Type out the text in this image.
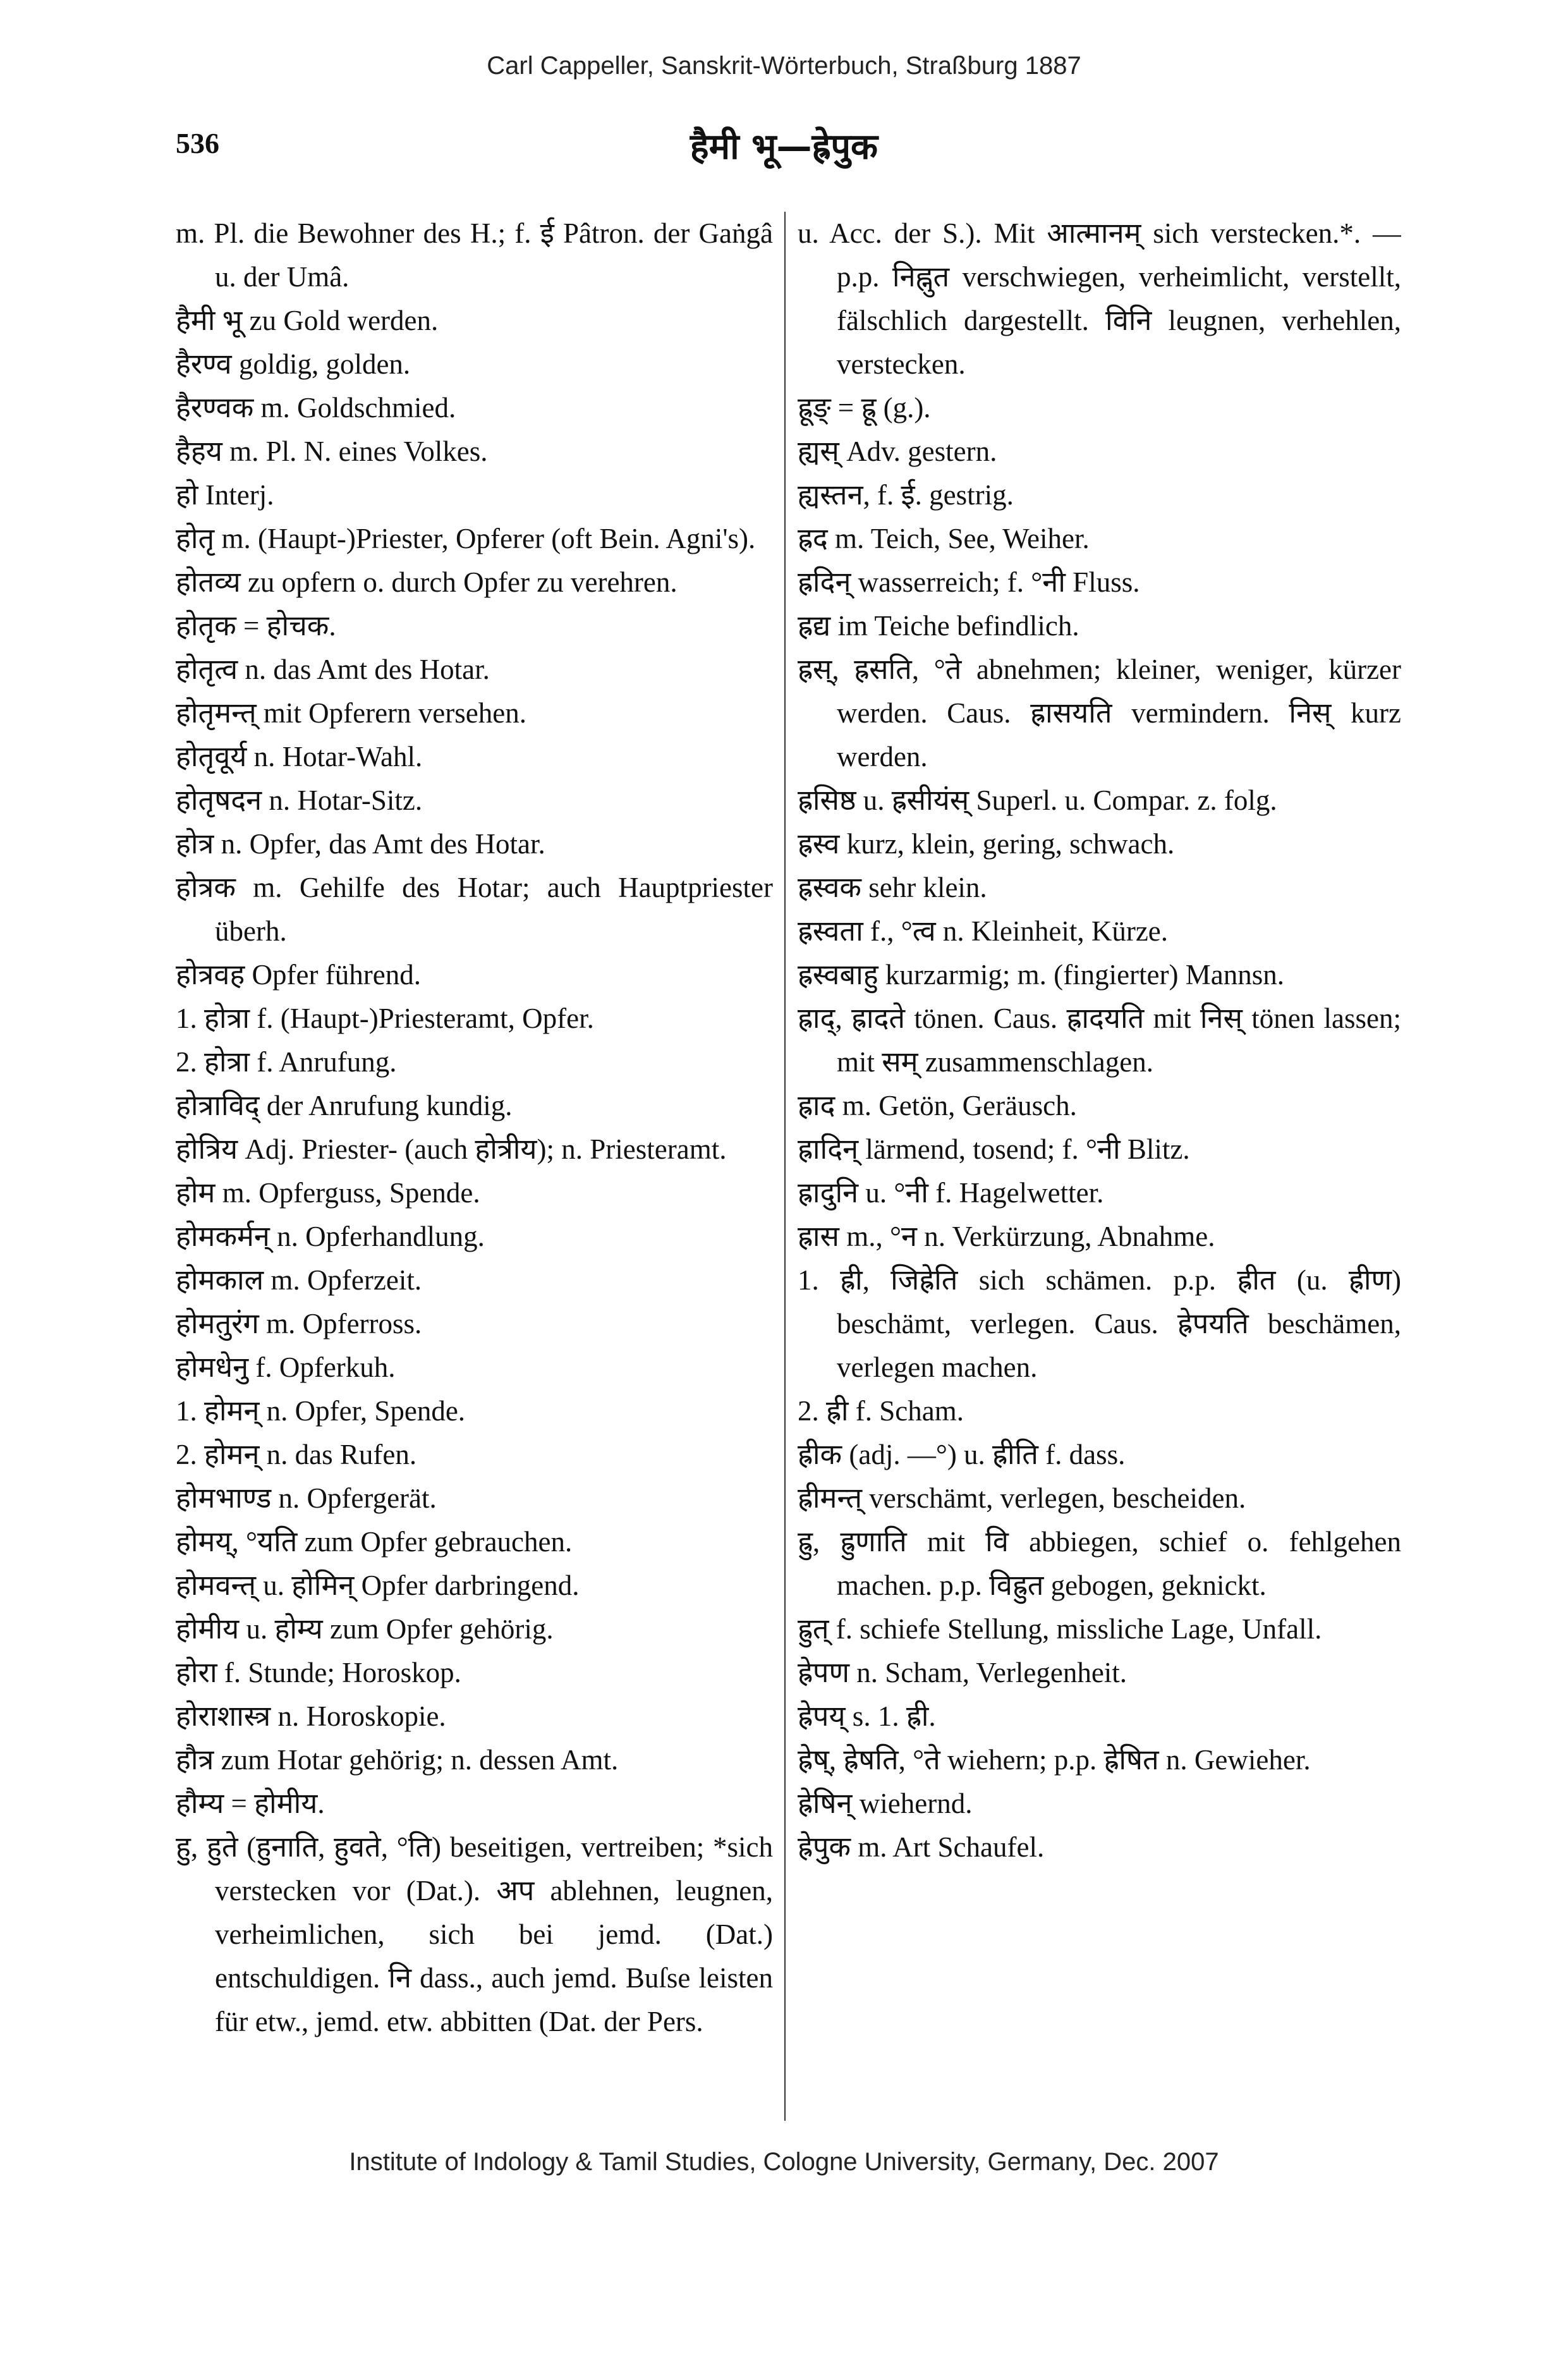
Carl Cappeller, Sanskrit-Wörterbuch, Straßburg 1887
536	हैमी भू—ह्रेपुक

m. Pl. die Bewohner des H.; f. ई Pâtron. der Gaṅgâ u. der Umâ.

हैमी भू zu Gold werden.

हैरण्व goldig, golden.

हैरण्वक m. Goldschmied.

हैहय m. Pl. N. eines Volkes.

हो Interj.

होतृ m. (Haupt-)Priester, Opferer (oft Bein. Agni's).

होतव्य zu opfern o. durch Opfer zu verehren.

होतृक = होचक.

होतृत्व n. das Amt des Hotar.

होतृमन्त् mit Opferern versehen.

होतृवूर्य n. Hotar-Wahl.

होतृषदन n. Hotar-Sitz.

होत्र n. Opfer, das Amt des Hotar.

होत्रक m. Gehilfe des Hotar; auch Hauptpriester überh.

होत्रवह Opfer führend.

1. होत्रा f. (Haupt-)Priesteramt, Opfer.

2. होत्रा f. Anrufung.

होत्राविद् der Anrufung kundig.

होत्रिय Adj. Priester- (auch होत्रीय); n. Priesteramt.

होम m. Opferguss, Spende.

होमकर्मन् n. Opferhandlung.

होमकाल m. Opferzeit.

होमतुरंग m. Opferross.

होमधेनु f. Opferkuh.

1. होमन् n. Opfer, Spende.

2. होमन् n. das Rufen.

होमभाण्ड n. Opfergerät.

होमय्, °यति zum Opfer gebrauchen.

होमवन्त् u. होमिन् Opfer darbringend.

होमीय u. होम्य zum Opfer gehörig.

होरा f. Stunde; Horoskop.

होराशास्त्र n. Horoskopie.

हौत्र zum Hotar gehörig; n. dessen Amt.

हौम्य = होमीय.

हु, हुते (हुनाति, हुवते, °ति) beseitigen, vertreiben; *sich verstecken vor (Dat.). अप ablehnen, leugnen, verheimlichen, sich bei jemd. (Dat.) entschuldigen. नि dass., auch jemd. Buſse leisten für etw., jemd. etw. abbitten (Dat. der Pers.

u. Acc. der S.). Mit आत्मानम् sich verstecken.*. —p.p. निह्नुत verschwiegen, verheimlicht, verstellt, fälschlich dargestellt. विनि leugnen, verhehlen, verstecken.

ह्रूङ् = ह्रू (g.).

ह्यस् Adv. gestern.

ह्यस्तन, f. ई. gestrig.

ह्रद m. Teich, See, Weiher.

ह्रदिन् wasserreich; f. °नी Fluss.

ह्रद्य im Teiche befindlich.

ह्रस्, ह्रसति, °ते abnehmen; kleiner, weniger, kürzer werden. Caus. ह्रासयति vermindern. निस् kurz werden.

ह्रसिष्ठ u. ह्रसीयंस् Superl. u. Compar. z. folg.

ह्रस्व kurz, klein, gering, schwach.

ह्रस्वक sehr klein.

ह्रस्वता f., °त्व n. Kleinheit, Kürze.

ह्रस्वबाहु kurzarmig; m. (fingierter) Mannsn.

ह्राद्, ह्रादते tönen. Caus. ह्रादयति mit निस् tönen lassen; mit सम् zusammenschlagen.

ह्राद m. Getön, Geräusch.

ह्रादिन् lärmend, tosend; f. °नी Blitz.

ह्रादुनि u. °नी f. Hagelwetter.

ह्रास m., °न n. Verkürzung, Abnahme.

1. ह्री, जिह्रेति sich schämen. p.p. ह्रीत (u. ह्रीण) beschämt, verlegen. Caus. ह्रेपयति beschämen, verlegen machen.

2. ह्री f. Scham.

ह्रीक (adj. —°) u. ह्रीति f. dass.

ह्रीमन्त् verschämt, verlegen, bescheiden.

ह्रु, ह्रुणाति mit वि abbiegen, schief o. fehlgehen machen. p.p. विह्रुत gebogen, geknickt.

ह्रुत् f. schiefe Stellung, missliche Lage, Unfall.

ह्रेपण n. Scham, Verlegenheit.

ह्रेपय् s. 1. ह्री.

ह्रेष्, ह्रेषति, °ते wiehern; p.p. ह्रेषित n. Gewieher.

ह्रेषिन् wiehernd.

ह्रेपुक m. Art Schaufel.

Institute of Indology & Tamil Studies, Cologne University, Germany, Dec. 2007
